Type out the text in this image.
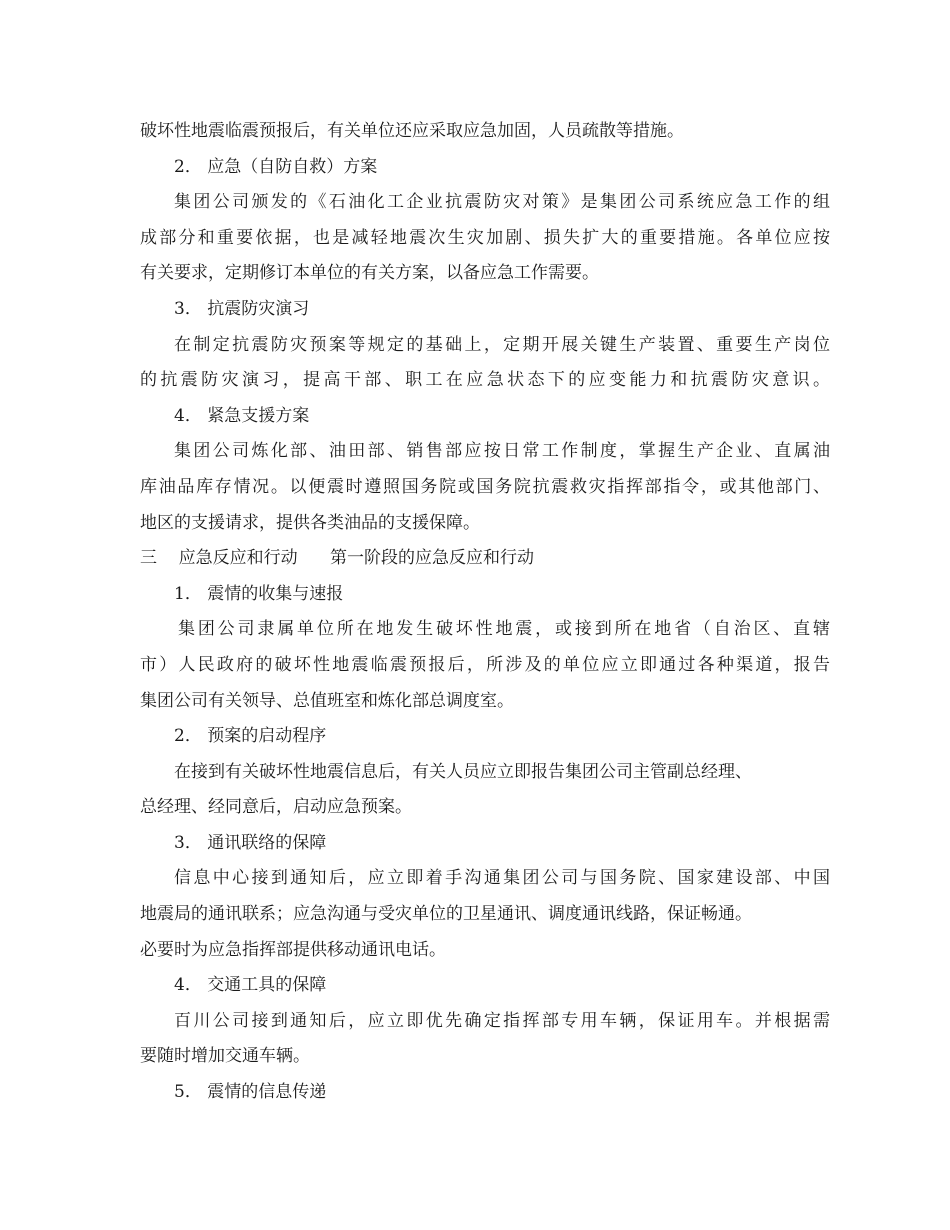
破坏性地震临震预报后，有关单位还应采取应急加固，人员疏散等措施。
2． 应急（自防自救）方案
集团公司颁发的《石油化工企业抗震防灾对策》是集团公司系统应急工作的组
成部分和重要依据，也是减轻地震次生灾加剧、损失扩大的重要措施。各单位应按
有关要求，定期修订本单位的有关方案，以备应急工作需要。
3． 抗震防灾演习
在制定抗震防灾预案等规定的基础上，定期开展关键生产装置、重要生产岗位
的抗震防灾演习，提高干部、职工在应急状态下的应变能力和抗震防灾意识。
4． 紧急支援方案
集团公司炼化部、油田部、销售部应按日常工作制度，掌握生产企业、直属油
库油品库存情况。以便震时遵照国务院或国务院抗震救灾指挥部指令，或其他部门、
地区的支援请求，提供各类油品的支援保障。
三    应急反应和行动      第一阶段的应急反应和行动
1． 震情的收集与速报
集团公司隶属单位所在地发生破坏性地震，或接到所在地省（自治区、直辖
市）人民政府的破坏性地震临震预报后，所涉及的单位应立即通过各种渠道，报告
集团公司有关领导、总值班室和炼化部总调度室。
2． 预案的启动程序
在接到有关破坏性地震信息后，有关人员应立即报告集团公司主管副总经理、
总经理、经同意后，启动应急预案。
3． 通讯联络的保障
信息中心接到通知后，应立即着手沟通集团公司与国务院、国家建设部、中国
地震局的通讯联系；应急沟通与受灾单位的卫星通讯、调度通讯线路，保证畅通。
必要时为应急指挥部提供移动通讯电话。
4． 交通工具的保障
百川公司接到通知后，应立即优先确定指挥部专用车辆，保证用车。并根据需
要随时增加交通车辆。
5． 震情的信息传递
